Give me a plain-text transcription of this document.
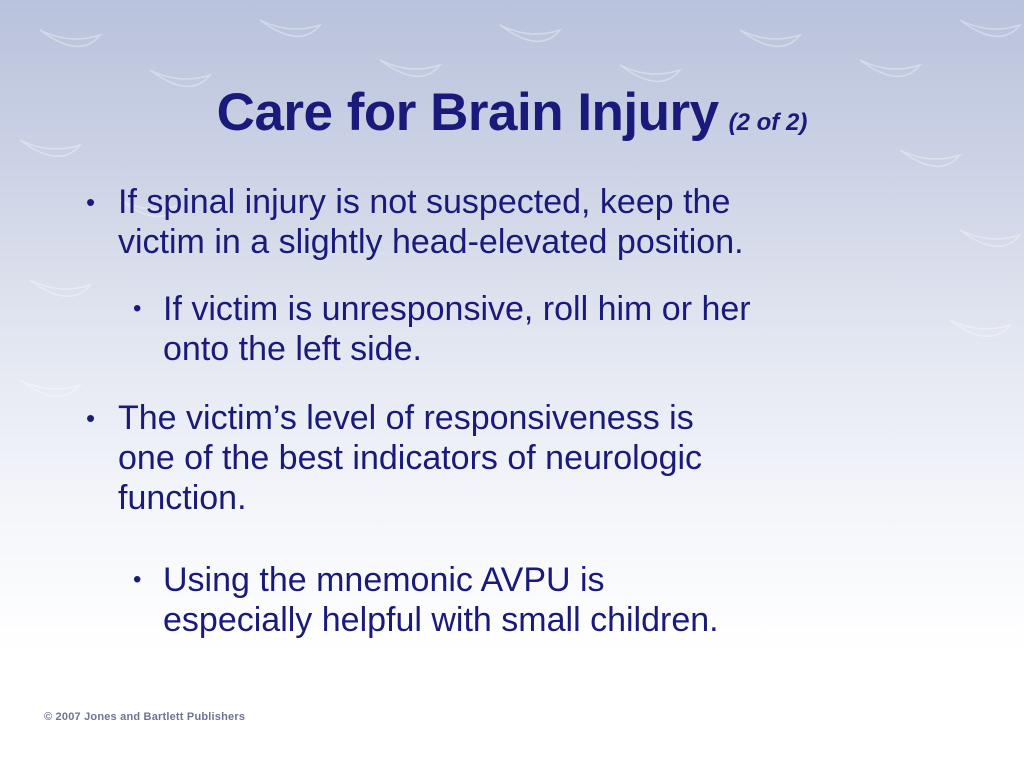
Care for Brain Injury (2 of 2)
• If spinal injury is not suspected, keep the
victim in a slightly head-elevated position.
• If victim is unresponsive, roll him or her
onto the left side.
• The victim’s level of responsiveness is
one of the best indicators of neurologic
function.
• Using the mnemonic AVPU is
especially helpful with small children.
© 2007 Jones and Bartlett Publishers
